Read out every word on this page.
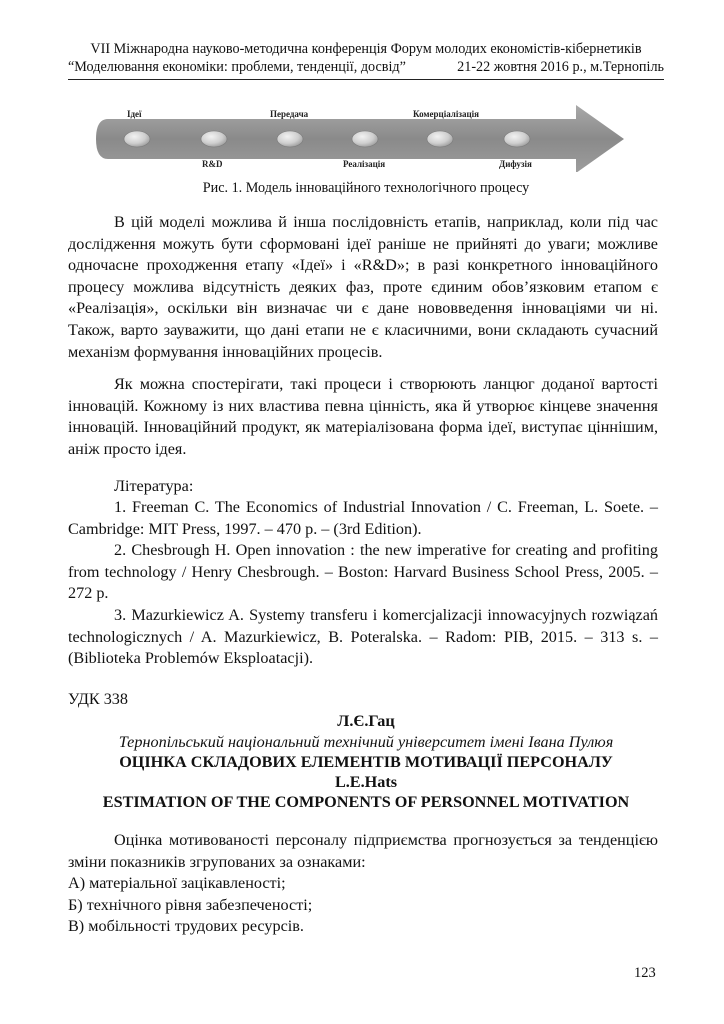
VII Міжнародна науково-методична конференція Форум молодих економістів-кібернетиків
“Моделювання економіки: проблеми, тенденції, досвід”	21-22 жовтня 2016 р., м.Тернопіль
Ідеї	Передача	Комерціалізація
R&D	Реалізація	Дифузія
Рис. 1. Модель інноваційного технологічного процесу

В цій моделі можлива й інша послідовність етапів, наприклад, коли під час дослідження можуть бути сформовані ідеї раніше не прийняті до уваги; можливе одночасне проходження етапу «Ідеї» і «R&D»; в разі конкретного інноваційного процесу можлива відсутність деяких фаз, проте єдиним обов’язковим етапом є «Реалізація», оскільки він визначає чи є дане нововведення інноваціями чи ні. Також, варто зауважити, що дані етапи не є класичними, вони складають сучасний механізм формування інноваційних процесів.

Як можна спостерігати, такі процеси і створюють ланцюг доданої вартості інновацій. Кожному із них властива певна цінність, яка й утворює кінцеве значення інновацій. Інноваційний продукт, як матеріалізована форма ідеї, виступає ціннішим, аніж просто ідея.

Література:

1. Freeman C. The Economics of Industrial Innovation / C. Freeman, L. Soete. – Cambridge: MIT Press, 1997. – 470 p. – (3rd Edition).

2. Chesbrough H. Open innovation : the new imperative for creating and profiting from technology / Henry Chesbrough. – Boston: Harvard Business School Press, 2005. – 272 p.

3. Mazurkiewicz A. Systemy transferu i komercjalizacji innowacyjnych rozwiązań technologicznych / A. Mazurkiewicz, B. Poteralska. – Radom: PIB, 2015. – 313 s. – (Biblioteka Problemów Eksploatacji).

УДК 338
Л.Є.Гац
Тернопільський національний технічний університет імені Івана Пулюя
ОЦІНКА СКЛАДОВИХ ЕЛЕМЕНТІВ МОТИВАЦІЇ ПЕРСОНАЛУ
L.E.Hats
ESTIMATION OF THE COMPONENTS OF PERSONNEL MOTIVATION

Оцінка мотивованості персоналу підприємства прогнозується за тенденцією зміни показників згрупованих за ознаками:

А) матеріальної зацікавленості;
Б) технічного рівня забезпеченості;
В) мобільності трудових ресурсів.
123
